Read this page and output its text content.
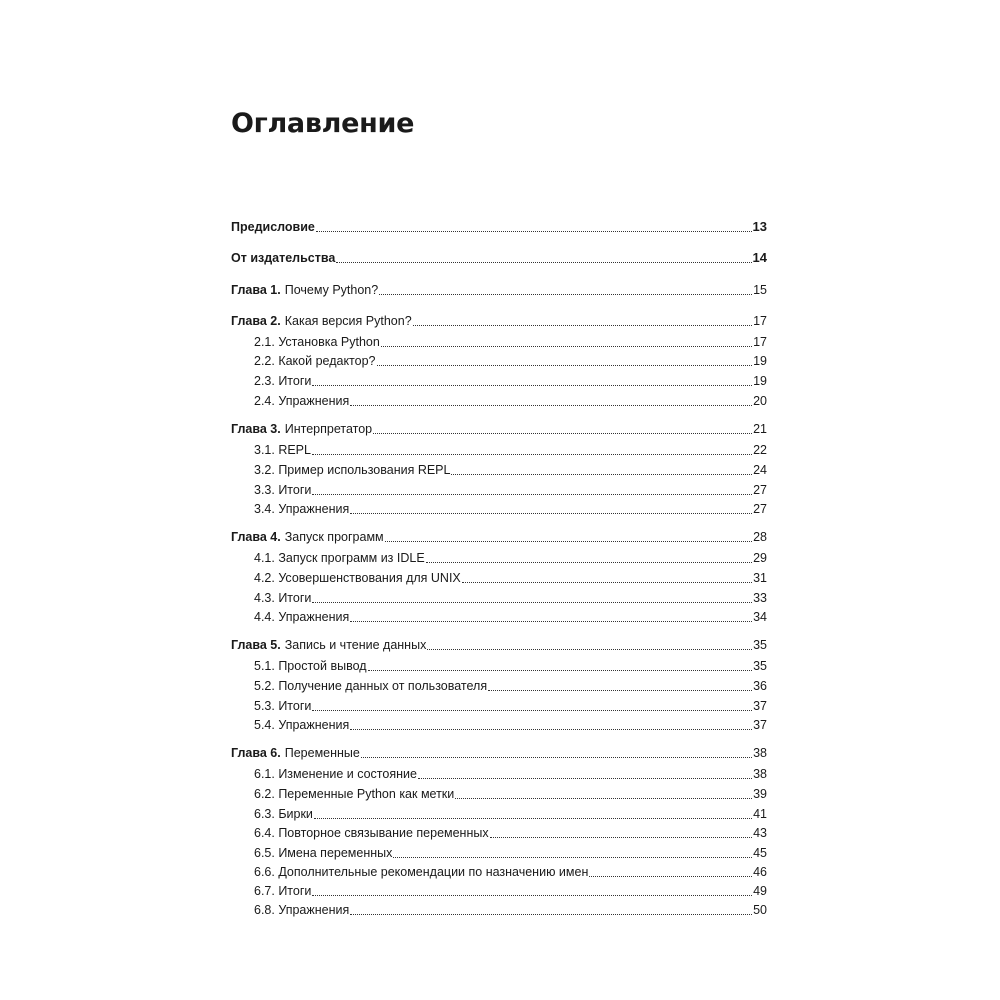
Оглавление
Предисловие	13
От издательства	14
Глава 1. Почему Python?	15
Глава 2. Какая версия Python?	17
2.1. Установка Python	17
2.2. Какой редактор?	19
2.3. Итоги	19
2.4. Упражнения	20
Глава 3. Интерпретатор	21
3.1. REPL	22
3.2. Пример использования REPL	24
3.3. Итоги	27
3.4. Упражнения	27
Глава 4. Запуск программ	28
4.1. Запуск программ из IDLE	29
4.2. Усовершенствования для UNIX	31
4.3. Итоги	33
4.4. Упражнения	34
Глава 5. Запись и чтение данных	35
5.1. Простой вывод	35
5.2. Получение данных от пользователя	36
5.3. Итоги	37
5.4. Упражнения	37
Глава 6. Переменные	38
6.1. Изменение и состояние	38
6.2. Переменные Python как метки	39
6.3. Бирки	41
6.4. Повторное связывание переменных	43
6.5. Имена переменных	45
6.6. Дополнительные рекомендации по назначению имен	46
6.7. Итоги	49
6.8. Упражнения	50
